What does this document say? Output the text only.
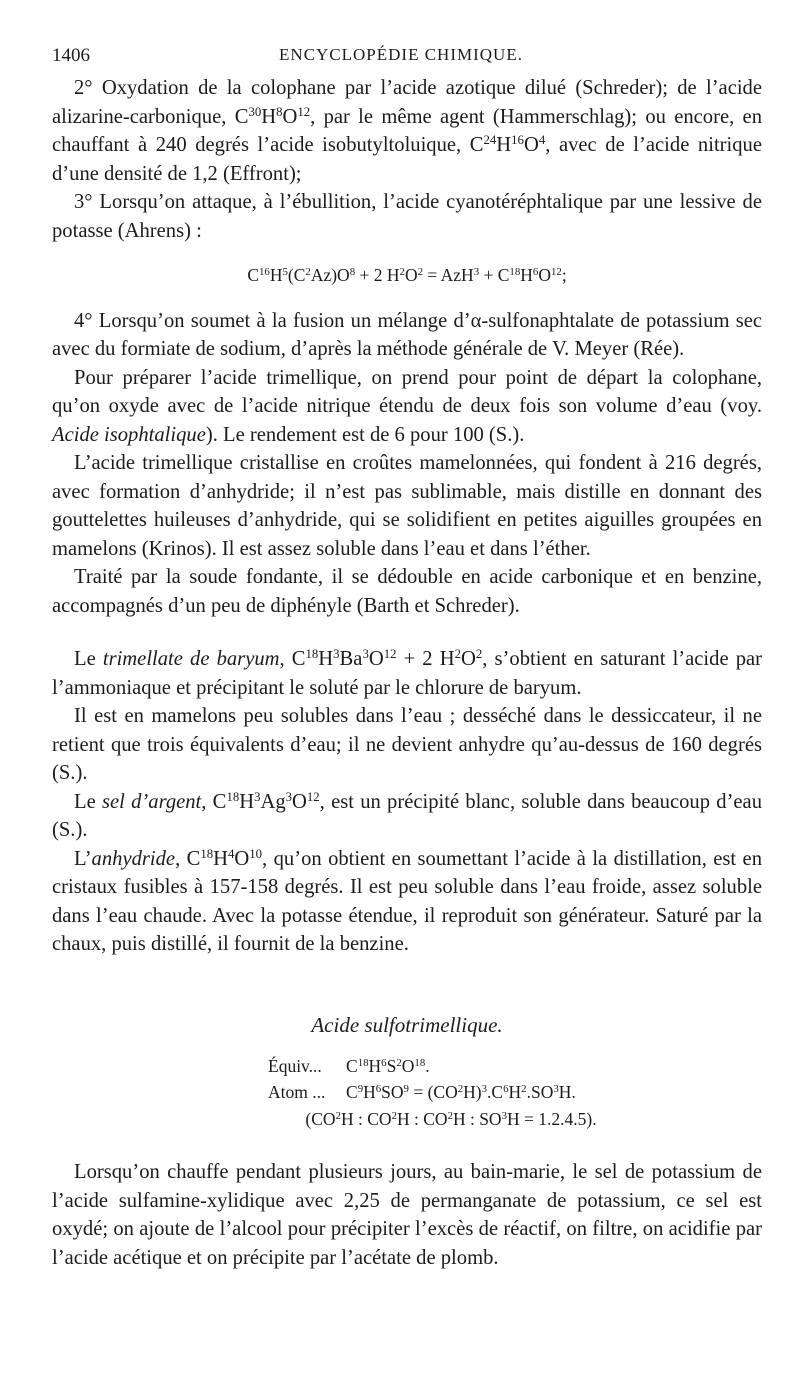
1406	ENCYCLOPÉDIE CHIMIQUE.

2° Oxydation de la colophane par l’acide azotique dilué (Schreder); de l’acide alizarine-carbonique, $C^{30}H^8O^{12}$, par le même agent (Hammerschlag); ou encore, en chauffant à 240 degrés l’acide isobutyltoluique, $C^{24}H^{16}O^4$, avec de l’acide nitrique d’une densité de 1,2 (Effront);

3° Lorsqu’on attaque, à l’ébullition, l’acide cyanotéréphtalique par une lessive de potasse (Ahrens) :

$C^{16}H^5(C^2Az)O^8 + 2$ $H^2O^2 = AzH^3 + C^{18}H^6O^{12}$;

4° Lorsqu’on soumet à la fusion un mélange d’α-sulfonaphtalate de potassium sec avec du formiate de sodium, d’après la méthode générale de V. Meyer (Rée).

Pour préparer l’acide trimellique, on prend pour point de départ la colophane, qu’on oxyde avec de l’acide nitrique étendu de deux fois son volume d’eau (voy. Acide isophtalique). Le rendement est de 6 pour 100 (S.).

L’acide trimellique cristallise en croûtes mamelonnées, qui fondent à 216 degrés, avec formation d’anhydride; il n’est pas sublimable, mais distille en donnant des gouttelettes huileuses d’anhydride, qui se solidifient en petites aiguilles groupées en mamelons (Krinos). Il est assez soluble dans l’eau et dans l’éther.

Traité par la soude fondante, il se dédouble en acide carbonique et en benzine, accompagnés d’un peu de diphényle (Barth et Schreder).

Le trimellate de baryum, $C^{18}H^3Ba^3O^{12} + 2$ $H^2O^2$, s’obtient en saturant l’acide par l’ammoniaque et précipitant le soluté par le chlorure de baryum.

Il est en mamelons peu solubles dans l’eau ; desséché dans le dessiccateur, il ne retient que trois équivalents d’eau; il ne devient anhydre qu’au-dessus de 160 degrés (S.).

Le sel d’argent, $C^{18}H^3Ag^3O^{12}$, est un précipité blanc, soluble dans beaucoup d’eau (S.).

L’anhydride, $C^{18}H^4O^{10}$, qu’on obtient en soumettant l’acide à la distillation, est en cristaux fusibles à 157-158 degrés. Il est peu soluble dans l’eau froide, assez soluble dans l’eau chaude. Avec la potasse étendue, il reproduit son générateur. Saturé par la chaux, puis distillé, il fournit de la benzine.

Acide sulfotrimellique.

Équiv... $C^{18}H^6S^2O^{18}$.
Atom ... $C^9H^6SO^9 = (CO^2H)^3.C^6H^2.SO^3H$.

($CO^2H$ : $CO^2H$ : $CO^2H$ : $SO^3H = 1.2.4.5$).

Lorsqu’on chauffe pendant plusieurs jours, au bain-marie, le sel de potassium de l’acide sulfamine-xylidique avec 2,25 de permanganate de potassium, ce sel est oxydé; on ajoute de l’alcool pour précipiter l’excès de réactif, on filtre, on acidifie par l’acide acétique et on précipite par l’acétate de plomb.
